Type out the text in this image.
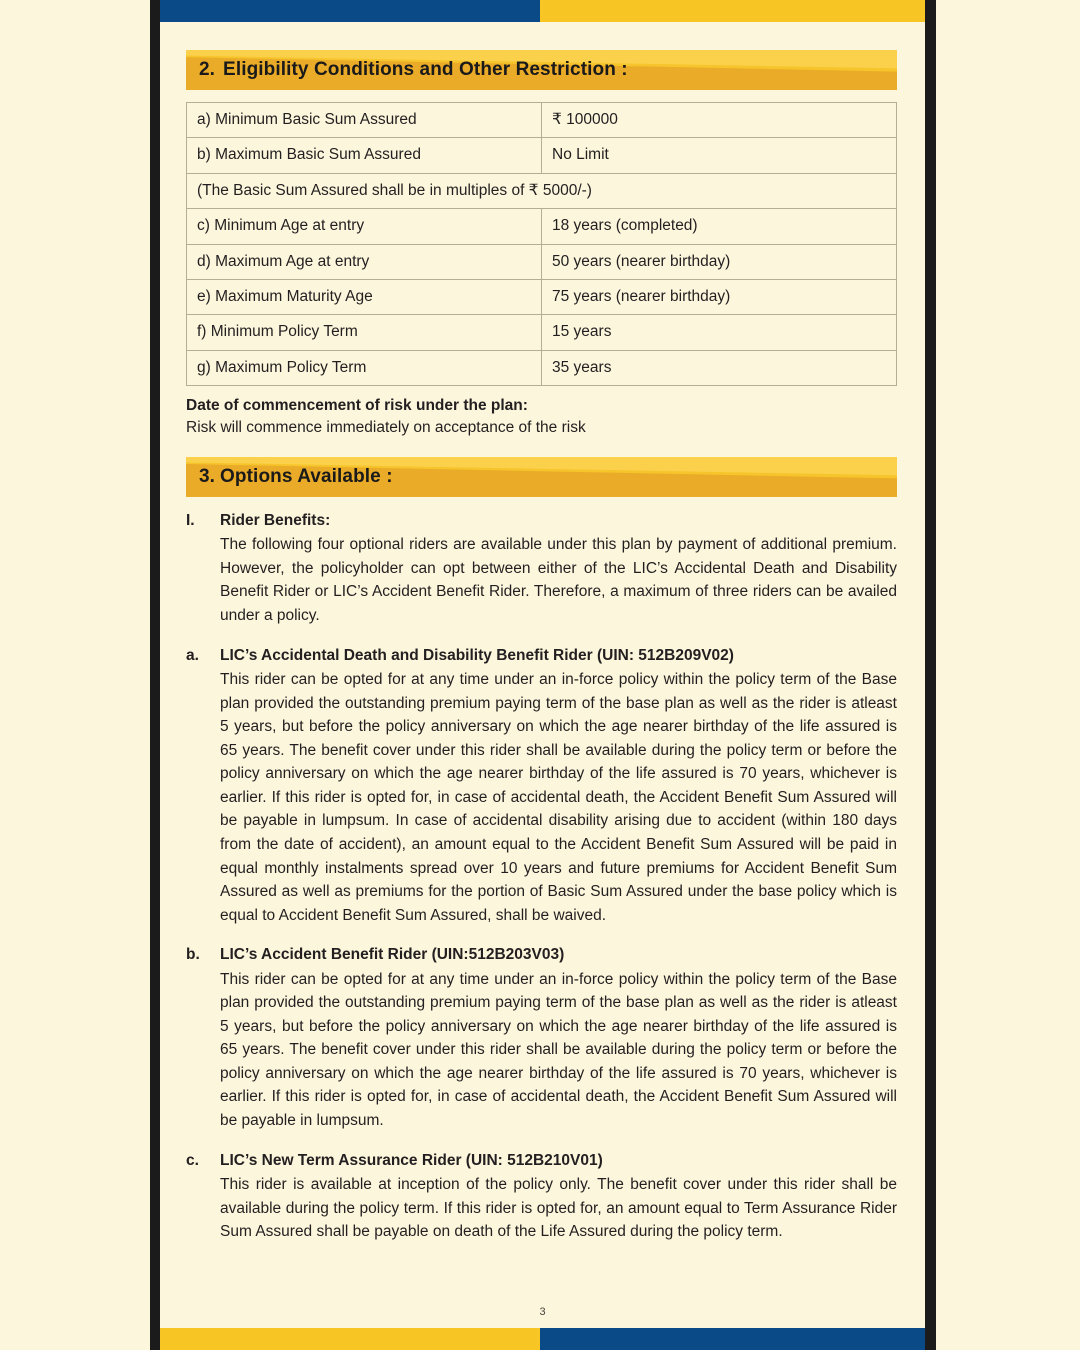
2. Eligibility Conditions and Other Restriction :
a) Minimum Basic Sum Assured	₹ 100000
b) Maximum Basic Sum Assured	No Limit
(The Basic Sum Assured shall be in multiples of ₹ 5000/-)	
c) Minimum Age at entry	18 years (completed)
d) Maximum Age at entry	50 years (nearer birthday)
e) Maximum Maturity Age	75 years (nearer birthday)
f) Minimum Policy Term	15 years
g) Maximum Policy Term	35 years
Date of commencement of risk under the plan:
Risk will commence immediately on acceptance of the risk
3. Options Available :
I.	Rider Benefits:
The following four optional riders are available under this plan by payment of additional premium. However, the policyholder can opt between either of the LIC’s Accidental Death and Disability Benefit Rider or LIC’s Accident Benefit Rider. Therefore, a maximum of three riders can be availed under a policy.
a.	LIC’s Accidental Death and Disability Benefit Rider (UIN: 512B209V02)
This rider can be opted for at any time under an in-force policy within the policy term of the Base plan provided the outstanding premium paying term of the base plan as well as the rider is atleast 5 years, but before the policy anniversary on which the age nearer birthday of the life assured is 65 years. The benefit cover under this rider shall be available during the policy term or before the policy anniversary on which the age nearer birthday of the life assured is 70 years, whichever is earlier. If this rider is opted for, in case of accidental death, the Accident Benefit Sum Assured will be payable in lumpsum. In case of accidental disability arising due to accident (within 180 days from the date of accident), an amount equal to the Accident Benefit Sum Assured will be paid in equal monthly instalments spread over 10 years and future premiums for Accident Benefit Sum Assured as well as premiums for the portion of Basic Sum Assured under the base policy which is equal to Accident Benefit Sum Assured, shall be waived.
b.	LIC’s Accident Benefit Rider (UIN:512B203V03)
This rider can be opted for at any time under an in-force policy within the policy term of the Base plan provided the outstanding premium paying term of the base plan as well as the rider is atleast 5 years, but before the policy anniversary on which the age nearer birthday of the life assured is 65 years. The benefit cover under this rider shall be available during the policy term or before the policy anniversary on which the age nearer birthday of the life assured is 70 years, whichever is earlier. If this rider is opted for, in case of accidental death, the Accident Benefit Sum Assured will be payable in lumpsum.
c.	LIC’s New Term Assurance Rider (UIN: 512B210V01)
This rider is available at inception of the policy only. The benefit cover under this rider shall be available during the policy term. If this rider is opted for, an amount equal to Term Assurance Rider Sum Assured shall be payable on death of the Life Assured during the policy term.
3
